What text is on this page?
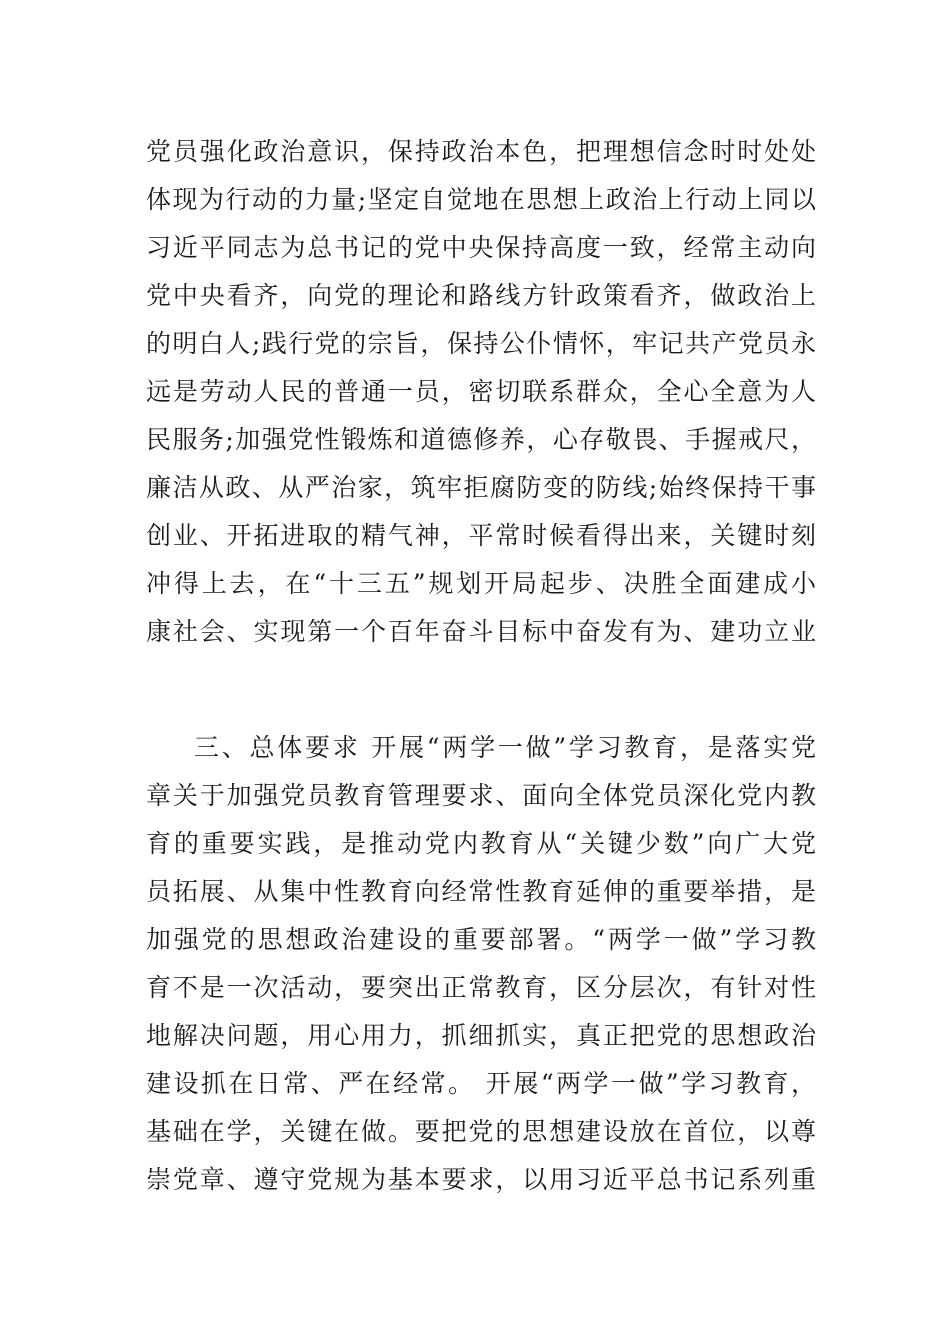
党员强化政治意识，保持政治本色，把理想信念时时处处
体现为行动的力量;坚定自觉地在思想上政治上行动上同以
习近平同志为总书记的党中央保持高度一致，经常主动向
党中央看齐，向党的理论和路线方针政策看齐，做政治上
的明白人;践行党的宗旨，保持公仆情怀，牢记共产党员永
远是劳动人民的普通一员，密切联系群众，全心全意为人
民服务;加强党性锻炼和道德修养，心存敬畏、手握戒尺，
廉洁从政、从严治家，筑牢拒腐防变的防线;始终保持干事
创业、开拓进取的精气神，平常时候看得出来，关键时刻
冲得上去，在“十三五”规划开局起步、决胜全面建成小
康社会、实现第一个百年奋斗目标中奋发有为、建功立业
三、总体要求 开展“两学一做”学习教育，是落实党
章关于加强党员教育管理要求、面向全体党员深化党内教
育的重要实践，是推动党内教育从“关键少数”向广大党
员拓展、从集中性教育向经常性教育延伸的重要举措，是
加强党的思想政治建设的重要部署。“两学一做”学习教
育不是一次活动，要突出正常教育，区分层次，有针对性
地解决问题，用心用力，抓细抓实，真正把党的思想政治
建设抓在日常、严在经常。 开展“两学一做”学习教育，
基础在学，关键在做。要把党的思想建设放在首位，以尊
崇党章、遵守党规为基本要求，以用习近平总书记系列重
